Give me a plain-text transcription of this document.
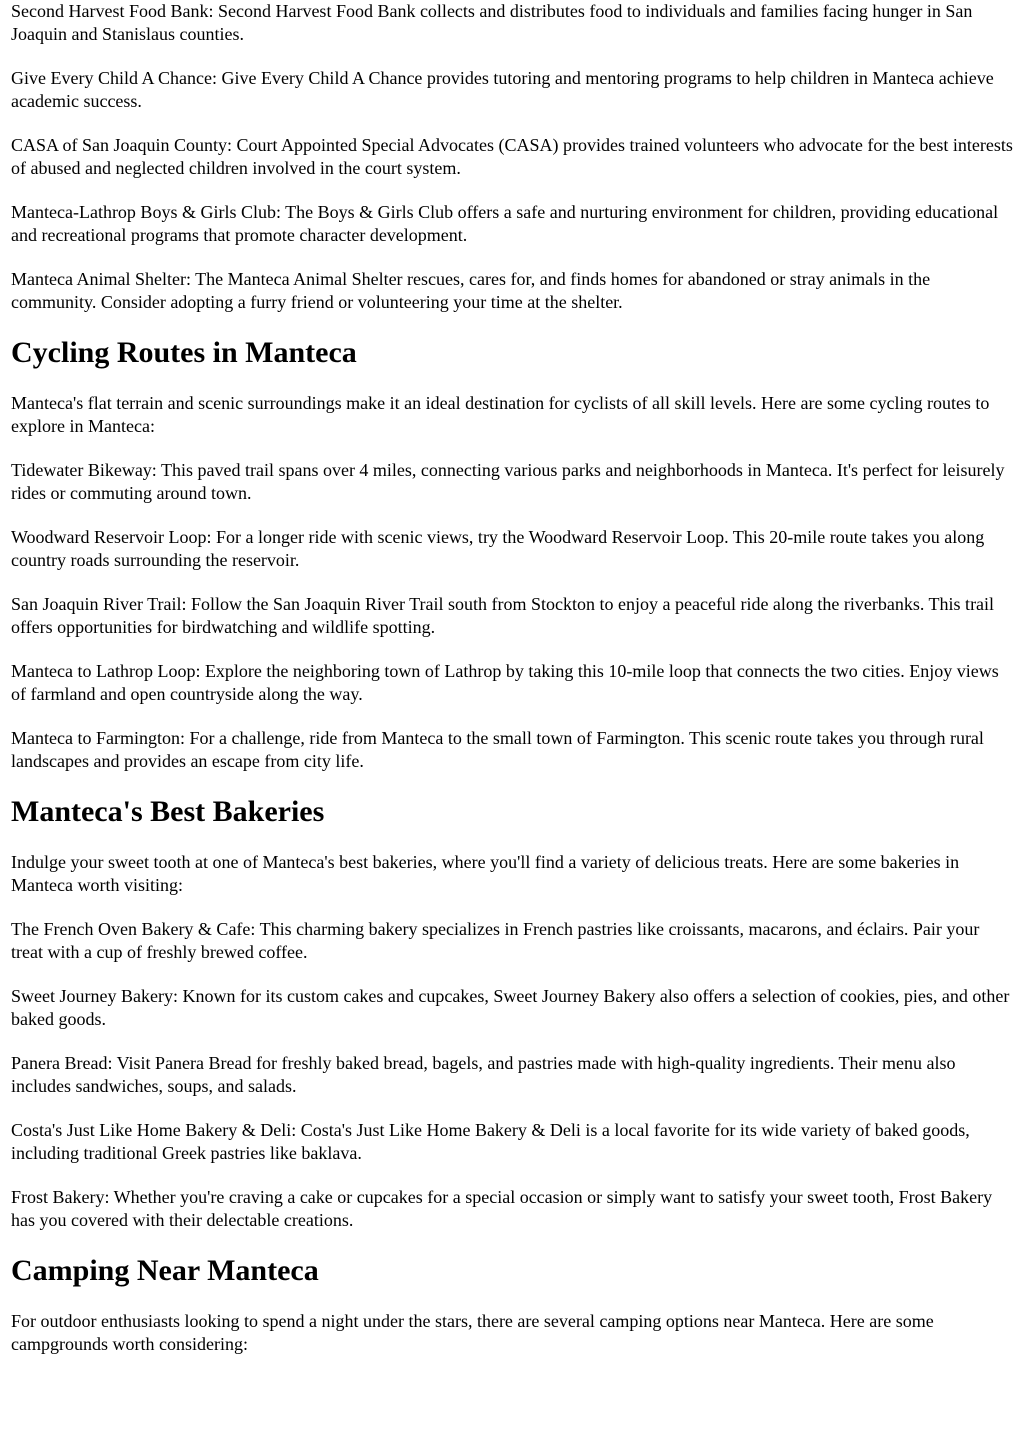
Second Harvest Food Bank: Second Harvest Food Bank collects and distributes food to individuals and families facing hunger in San Joaquin and Stanislaus counties.

Give Every Child A Chance: Give Every Child A Chance provides tutoring and mentoring programs to help children in Manteca achieve academic success.

CASA of San Joaquin County: Court Appointed Special Advocates (CASA) provides trained volunteers who advocate for the best interests of abused and neglected children involved in the court system.

Manteca-Lathrop Boys & Girls Club: The Boys & Girls Club offers a safe and nurturing environment for children, providing educational and recreational programs that promote character development.

Manteca Animal Shelter: The Manteca Animal Shelter rescues, cares for, and finds homes for abandoned or stray animals in the community. Consider adopting a furry friend or volunteering your time at the shelter.

Cycling Routes in Manteca

Manteca's flat terrain and scenic surroundings make it an ideal destination for cyclists of all skill levels. Here are some cycling routes to explore in Manteca:

Tidewater Bikeway: This paved trail spans over 4 miles, connecting various parks and neighborhoods in Manteca. It's perfect for leisurely rides or commuting around town.

Woodward Reservoir Loop: For a longer ride with scenic views, try the Woodward Reservoir Loop. This 20-mile route takes you along country roads surrounding the reservoir.

San Joaquin River Trail: Follow the San Joaquin River Trail south from Stockton to enjoy a peaceful ride along the riverbanks. This trail offers opportunities for birdwatching and wildlife spotting.

Manteca to Lathrop Loop: Explore the neighboring town of Lathrop by taking this 10-mile loop that connects the two cities. Enjoy views of farmland and open countryside along the way.

Manteca to Farmington: For a challenge, ride from Manteca to the small town of Farmington. This scenic route takes you through rural landscapes and provides an escape from city life.

Manteca's Best Bakeries

Indulge your sweet tooth at one of Manteca's best bakeries, where you'll find a variety of delicious treats. Here are some bakeries in Manteca worth visiting:

The French Oven Bakery & Cafe: This charming bakery specializes in French pastries like croissants, macarons, and éclairs. Pair your treat with a cup of freshly brewed coffee.

Sweet Journey Bakery: Known for its custom cakes and cupcakes, Sweet Journey Bakery also offers a selection of cookies, pies, and other baked goods.

Panera Bread: Visit Panera Bread for freshly baked bread, bagels, and pastries made with high-quality ingredients. Their menu also includes sandwiches, soups, and salads.

Costa's Just Like Home Bakery & Deli: Costa's Just Like Home Bakery & Deli is a local favorite for its wide variety of baked goods, including traditional Greek pastries like baklava.

Frost Bakery: Whether you're craving a cake or cupcakes for a special occasion or simply want to satisfy your sweet tooth, Frost Bakery has you covered with their delectable creations.

Camping Near Manteca

For outdoor enthusiasts looking to spend a night under the stars, there are several camping options near Manteca. Here are some campgrounds worth considering:
